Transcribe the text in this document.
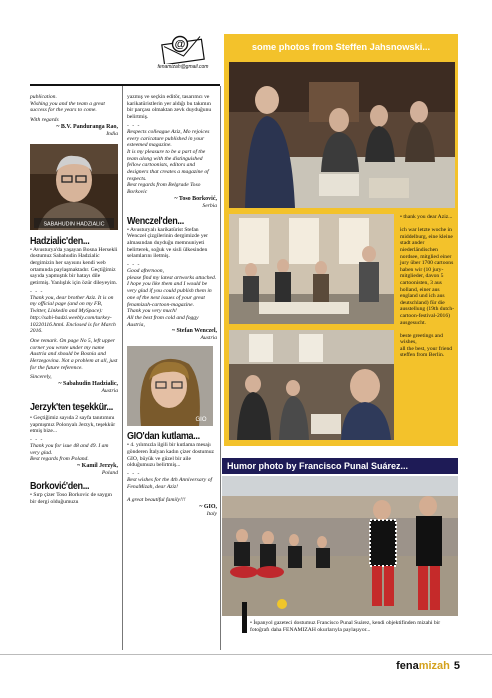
@
fenamizah@gmail.com

publication.
Wishing you and the team a great success for the years to come.

With regards

~ B.V. Panduranga Rao,
India
SABAHUDIN HADZIALIC
Hadzialic'den...

• Avusturya'da yaşayan Bosna Hersekli dostumuz Sabahudin Hadzialic dergimizin her sayısını kendi web ortamında paylaşmaktadır. Geçtiğimiz sayıda yapmıştık bir hatayı dile getirmiş. Yanlışlık için özür dileyeyim.

- - -

Thank you, dear brother Aziz. It is on my official page (and on my FB, Twitter, Linkedin and MySpace): http://sabi-hadzi.weebly.com/turkey-10220116.html. Enclosed is for March 2016.

One remark. On page No 5, left upper corner you wrote under my name Austria and should be Bosnia and Herzegovina. Not a problem at all, just for the future reference.

Sincerely,

~ Sabahudin Hadzialic,
Austria
Jerzyk'ten teşekkür...

• Geçtiğimiz sayıda 2 sayfa tanıtımını yapmışmız Polonyalı Jerzyk, teşekkür etmiş bize...

- - -

Thank you for isue 48 and 49. I am very glad.
Best regards from Poland.

~ Kamil Jerzyk,
Poland
Borković'den...

• Sırp çizer Toso Borkovic de saygın bir dergi olduğumuzu

yazmış ve seçkin editör, tasarımcı ve karikatüristlerin yer aldığı bu takımın bir parçası olmaktan zevk duyduğunu belirtmiş.

- - -

Respects colleague Aziz, Mo rejoices every caricature published in your esteemed magazine.
It is my pleasure to be a part of the team along with the distinguished fellow cartoonists, editors and designers that creates a magazine of respects.
Best regards from Belgrade Toso Borkovic

~ Toso Borković,
Serbia
Wenczel'den...

• Avusturyalı karikatürist Stefan Wenczel çizgilerinin dergimizde yer almasından duyduğu memnuniyeti belirterek, soğuk ve sisli ülkesinden selamlarını iletmiş.

- - -

Good afternoon,
please find my latest artworks attached. I hope you like them and I would be very glad if you could publish them in one of the next issues of your great fenamizah-cartoon-magazine.
Thank you very much!
All the best from cold and foggy Austria,

~ Stefan Wenczel,
Austria
GIO
GIO'dan kutlama...

• 4. yılımızla ilgili bir kutlama mesajı gönderen İtalyan kadın çizer dostumuz GIO, büyük ve güzel bir aile olduğumuzu belirtmiş...

- - -

Best wishes for the 4th Anniversary of FenaMizah, dear Aziz!

A great beautiful family!!!

~ GIO,
Italy
some photos from Steffen Jahsnowski...
• thank you dear Aziz...

ich war letzte woche in middelburg, eine kleine stadt ander niederländischen nordsee, mitglied einer jury über 1700 cartoons haben wir (10 jury-mitglieder, davon 5 cartoonisten, 3 aus holland, einer aus england und ich aus deutschland) für die ausstellung (19th dutch-cartoon-festival-2016) ausgesucht.

beste greetings and wishes,
all the best, your friend steffen from Berlin.
Humor photo by Francisco Punal Suárez...
• İspanyol gazeteci dostumuz Francisco Punal Suárez, kendi objektifinden mizahi bir fotoğrafı daha FENAMIZAH okurlarıyla paylaşıyor...
fenamizah 5
